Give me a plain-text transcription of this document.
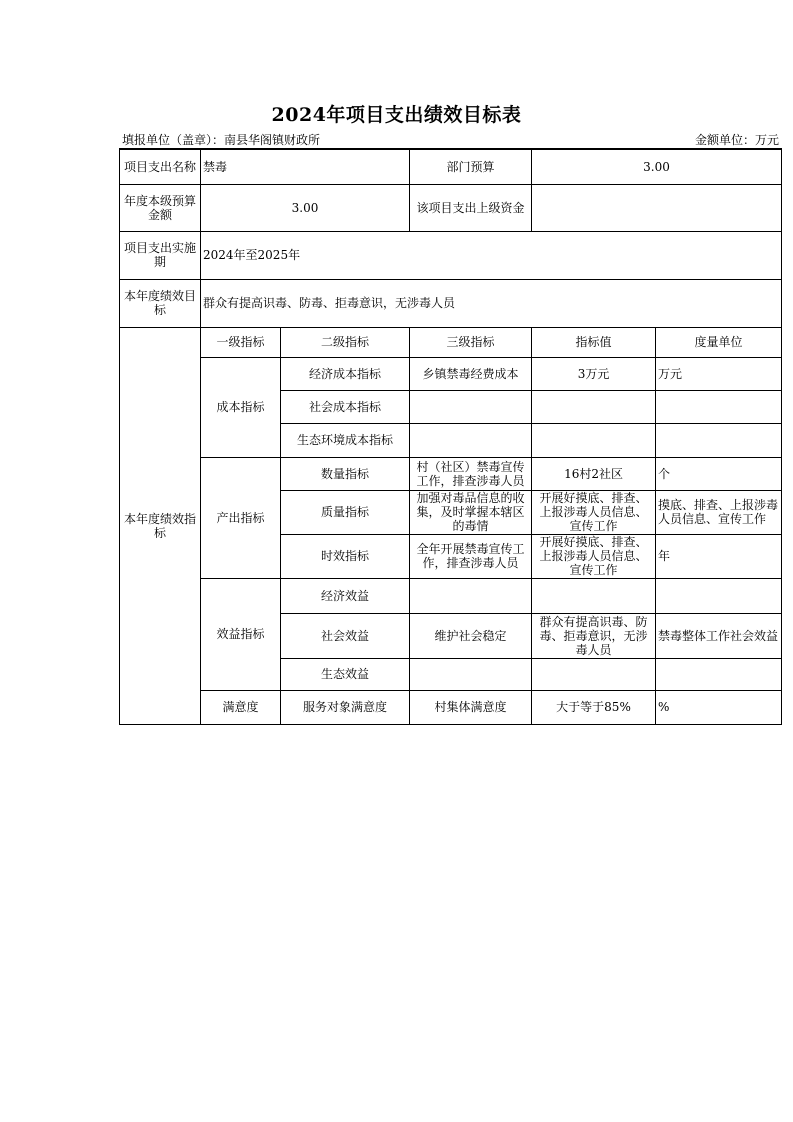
2024年项目支出绩效目标表
填报单位（盖章）：南县华阁镇财政所	金额单位：万元
项目支出名称	禁毒		部门预算	3.00	
年度本级预算金额	3.00		该项目支出上级资金		
项目支出实施期	2024年至2025年				
本年度绩效目标	群众有提高识毒、防毒、拒毒意识，无涉毒人员				
本年度绩效指标	一级指标	二级指标	三级指标	指标值	度量单位
	成本指标	经济成本指标	乡镇禁毒经费成本	3万元	万元
		社会成本指标			
		生态环境成本指标			
	产出指标	数量指标	村（社区）禁毒宣传工作，排查涉毒人员	16村2社区	个
		质量指标	加强对毒品信息的收集，及时掌握本辖区的毒情	开展好摸底、排查、上报涉毒人员信息、宣传工作	摸底、排查、上报涉毒人员信息、宣传工作
		时效指标	全年开展禁毒宣传工作，排查涉毒人员	开展好摸底、排查、上报涉毒人员信息、宣传工作	年
	效益指标	经济效益			
		社会效益	维护社会稳定	群众有提高识毒、防毒、拒毒意识，无涉毒人员	禁毒整体工作社会效益
		生态效益			
	满意度	服务对象满意度	村集体满意度	大于等于85%	%
